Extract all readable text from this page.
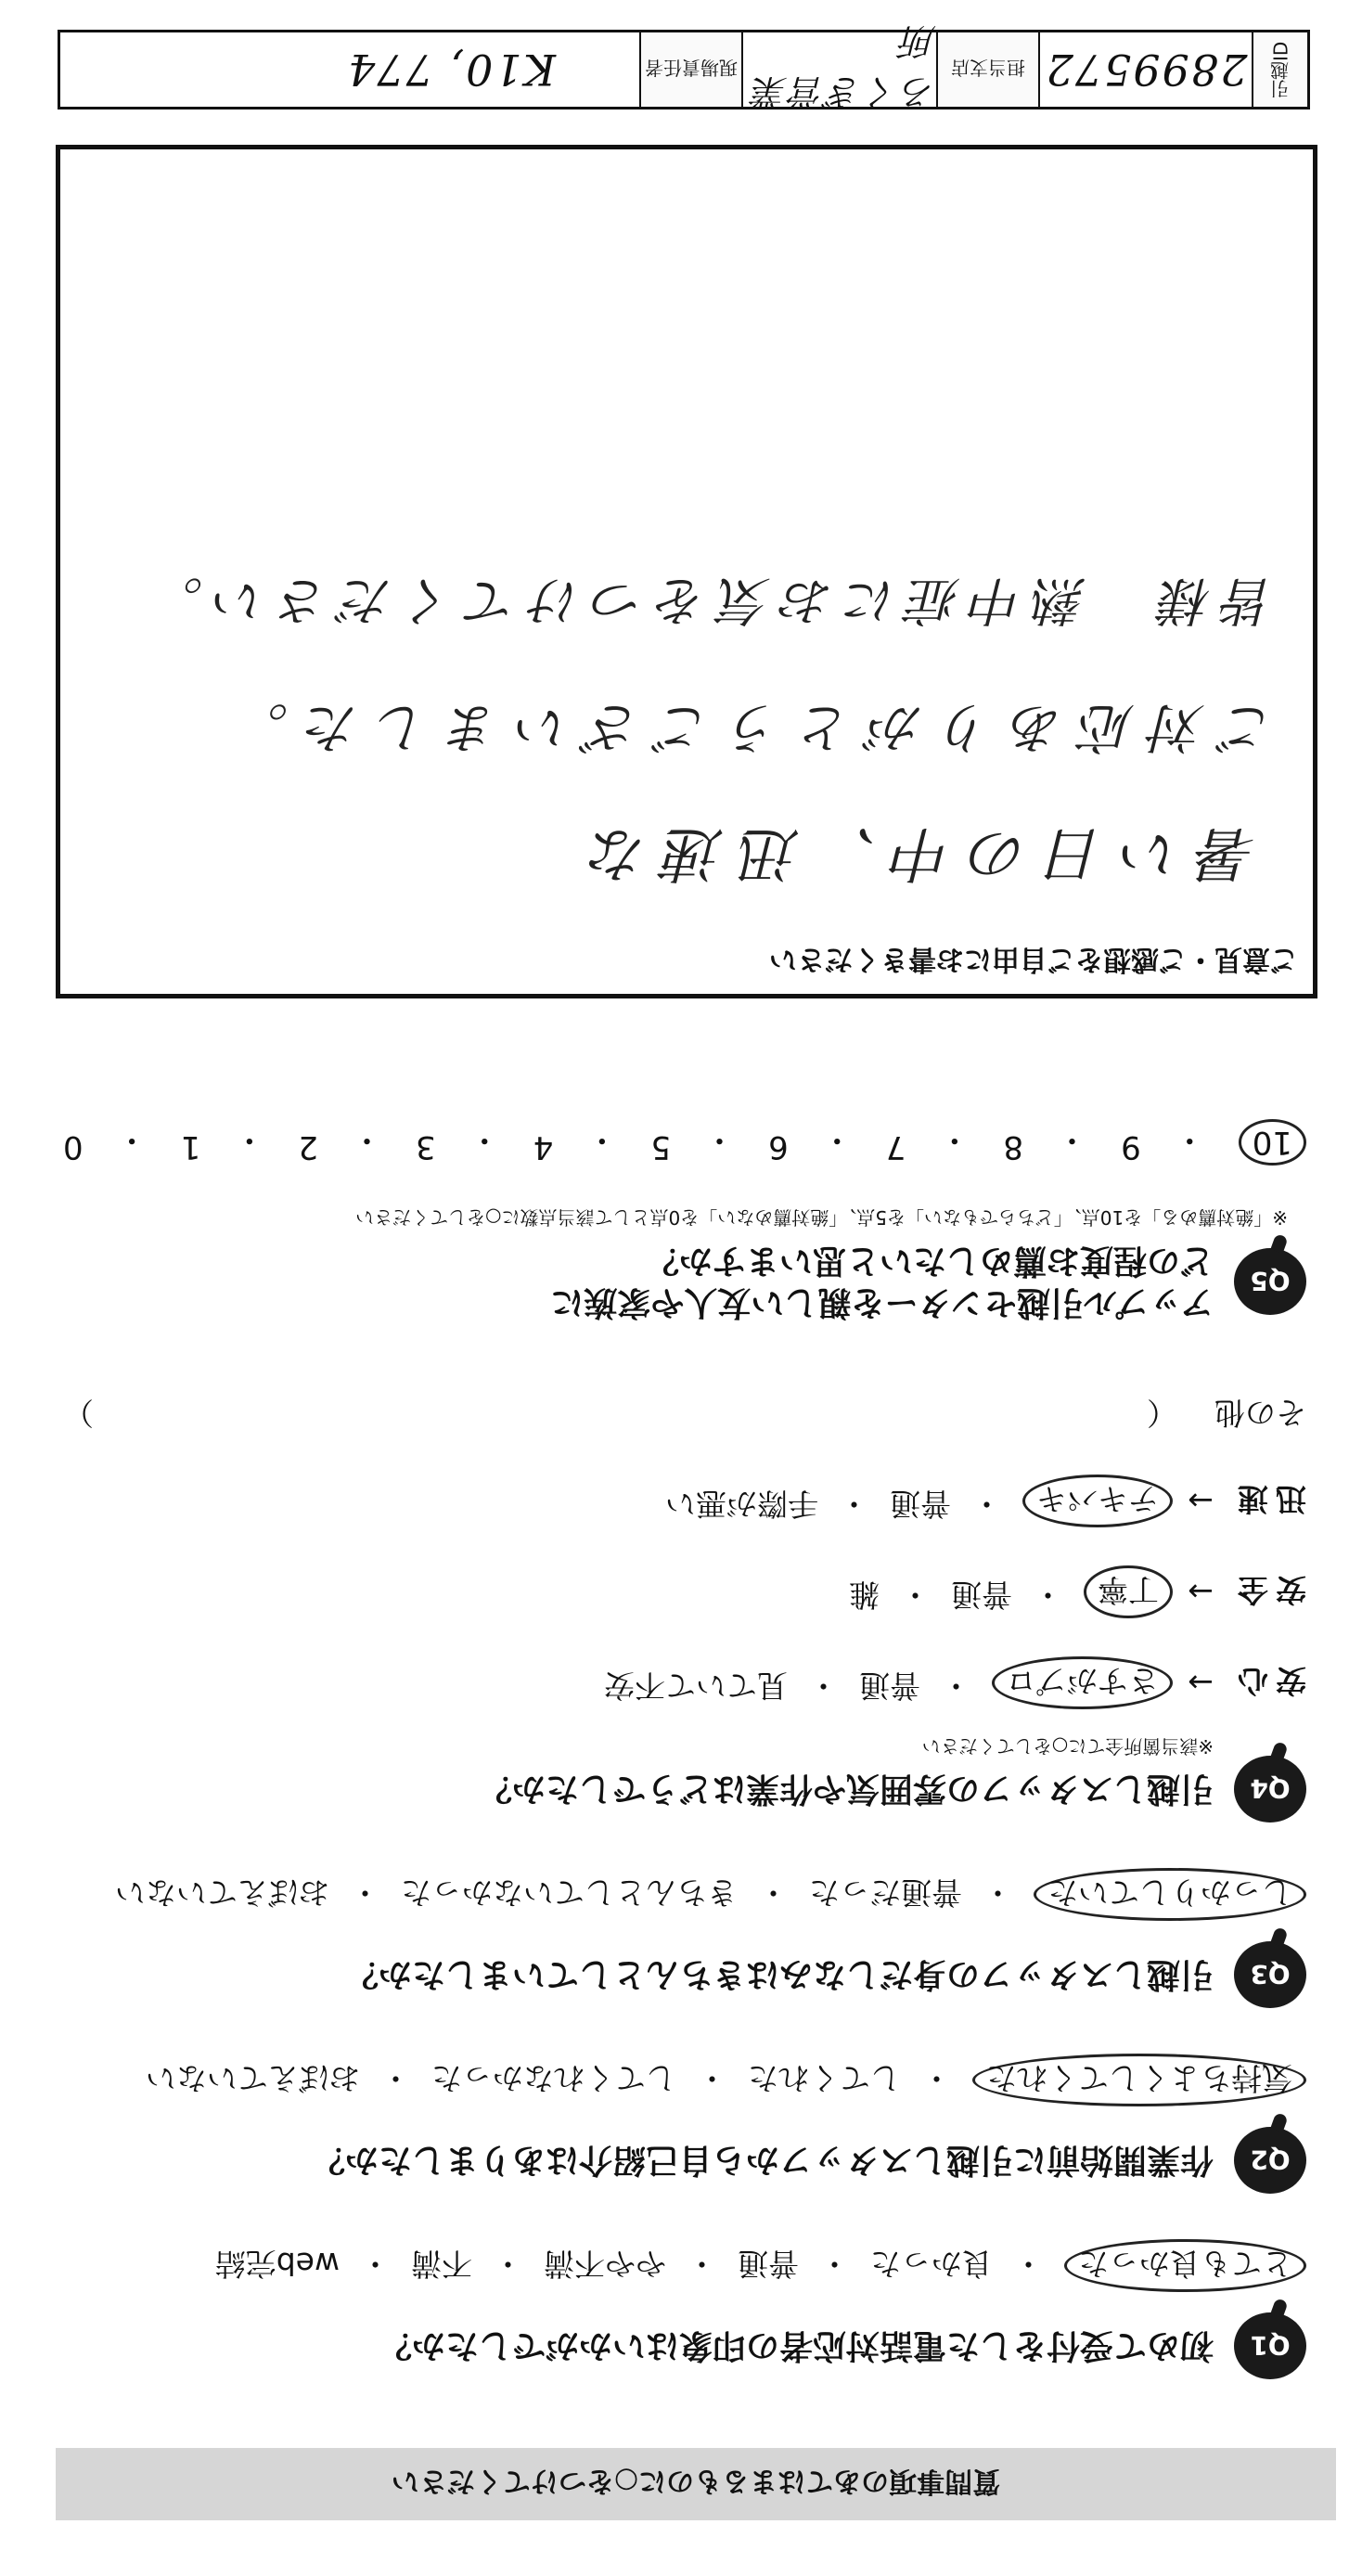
引越ID
2899572
担当支店
ろくぎ営業所
現場責任者
K10, 774
質問事項のあてはまるものに○をつけてください
Q1
初めて受付をした電話対応者の印象はいかがでしたか？
とても良かった
・
良かった
・
普通
・
やや不満
・
不満
・
web完結
Q2
作業開始前に引越しスタッフから自己紹介はありましたか？
気持ちよくしてくれた
・
してくれた
・
してくれなかった
・
おぼえていない
Q3
引越しスタッフの身だしなみはきちんとしていましたか？
しっかりしていた
・
普通だった
・
きちんとしていなかった
・
おぼえていない
Q4
引越しスタッフの雰囲気や作業はどうでしたか？
※該当箇所全てに○をしてください
安心
→
さすがプロ
・
普通
・
見ていて不安
安全
→
丁寧
・
普通
・
雑
迅速
→
テキパキ
・
普通
・
手際が悪い
その他
（
）
Q5
アップル引越センターを親しい友人や家族に
どの程度お薦めしたいと思いますか？
※「絶対薦める」を10点、「どちらでもない」を5点、「絶対薦めない」を0点として該当点数に○をしてください
10
・
9
・
8
・
7
・
6
・
5
・
4
・
3
・
2
・
1
・
0
ご意見・ご感想をご自由にお書きください
暑い日の中、迅速な
ご対応ありがとうございました。
皆様　熱中症にお気をつけてください。
